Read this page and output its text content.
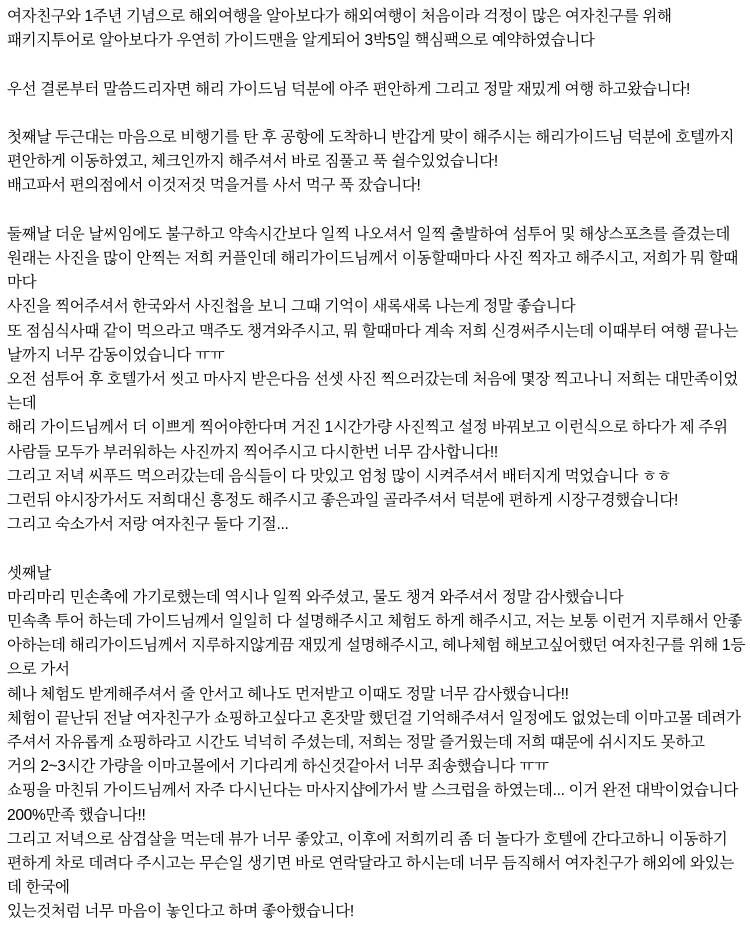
여자친구와 1주년 기념으로 해외여행을 알아보다가 해외여행이 처음이라 걱정이 많은 여자친구를 위해
패키지투어로 알아보다가 우연히 가이드맨을 알게되어 3박5일 핵심팩으로 예약하였습니다
우선 결론부터 말씀드리자면 해리 가이드님 덕분에 아주 편안하게 그리고 정말 재밌게 여행 하고왔습니다!
첫째날 두근대는 마음으로 비행기를 탄 후 공항에 도착하니 반갑게 맞이 해주시는 해리가이드님 덕분에 호텔까지
편안하게 이동하였고, 체크인까지 해주셔서 바로 짐풀고 푹 쉴수있었습니다!
배고파서 편의점에서 이것저것 먹을거를 사서 먹구 푹 잤습니다!
둘째날 더운 날씨임에도 불구하고 약속시간보다 일찍 나오셔서 일찍 출발하여 섬투어 및 해상스포츠를 즐겼는데
원래는 사진을 많이 안찍는 저희 커플인데 해리가이드님께서 이동할때마다 사진 찍자고 해주시고, 저희가 뭐 할때
마다
사진을 찍어주셔서 한국와서 사진첩을 보니 그때 기억이 새록새록 나는게 정말 좋습니다
또 점심식사때 같이 먹으라고 맥주도 챙겨와주시고, 뭐 할때마다 계속 저희 신경써주시는데 이때부터 여행 끝나는
날까지 너무 감동이었습니다 ㅠㅠ
오전 섬투어 후 호텔가서 씻고 마사지 받은다음 선셋 사진 찍으러갔는데 처음에 몇장 찍고나니 저희는 대만족이었
는데
해리 가이드님께서 더 이쁘게 찍어야한다며 거진 1시간가량 사진찍고 설정 바꿔보고 이런식으로 하다가 제 주위
사람들 모두가 부러워하는 사진까지 찍어주시고 다시한번 너무 감사합니다!!
그리고 저녁 씨푸드 먹으러갔는데 음식들이 다 맛있고 엄청 많이 시켜주셔서 배터지게 먹었습니다 ㅎㅎ
그런뒤 야시장가서도 저희대신 흥정도 해주시고 좋은과일 골라주셔서 덕분에 편하게 시장구경했습니다!
그리고 숙소가서 저랑 여자친구 둘다 기절...
셋째날
마리마리 민손촉에 가기로했는데 역시나 일찍 와주셨고, 물도 챙겨 와주셔서 정말 감사했습니다
민속촉 투어 하는데 가이드님께서 일일히 다 설명해주시고 체험도 하게 해주시고, 저는 보통 이런거 지루해서 안좋
아하는데 해리가이드님께서 지루하지않게끔 재밌게 설명해주시고, 헤나체험 해보고싶어했던 여자친구를 위해 1등
으로 가서
헤나 체험도 받게해주셔서 줄 안서고 헤나도 먼저받고 이때도 정말 너무 감사했습니다!!
체험이 끝난뒤 전날 여자친구가 쇼핑하고싶다고 혼잣말 했던걸 기억해주셔서 일정에도 없었는데 이마고몰 데려가
주셔서 자유롭게 쇼핑하라고 시간도 넉넉히 주셨는데, 저희는 정말 즐거웠는데 저희 떄문에 쉬시지도 못하고
거의 2~3시간 가량을 이마고몰에서 기다리게 하신것같아서 너무 죄송했습니다 ㅠㅠ
쇼핑을 마친뒤 가이드님께서 자주 다시닌다는 마사지샵에가서 발 스크럽을 하였는데... 이거 완전 대박이었습니다
200%만족 했습니다!!
그리고 저녁으로 삼겹살을 먹는데 뷰가 너무 좋았고, 이후에 저희끼리 좀 더 놀다가 호텔에 간다고하니 이동하기
편하게 차로 데려다 주시고는 무슨일 생기면 바로 연락달라고 하시는데 너무 듬직해서 여자친구가 해외에 와있는
데 한국에
있는것처럼 너무 마음이 놓인다고 하며 좋아했습니다!
